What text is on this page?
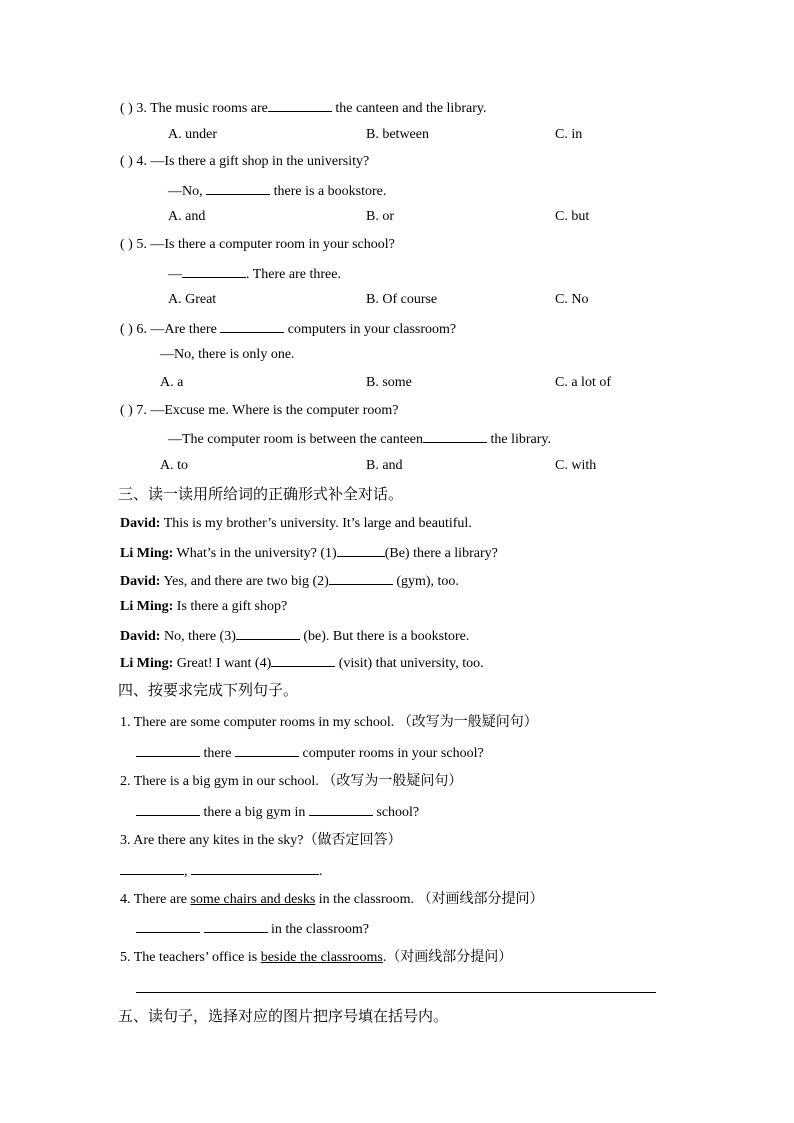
( ) 3. The music rooms are	the canteen and the library.
A. under	B. between	C. in
( ) 4. —Is there a gift shop in the university?
—No,	there is a bookstore.
A. and	B. or	C. but
( ) 5. —Is there a computer room in your school?
—	. There are three.
A. Great	B. Of course	C. No
( ) 6. —Are there	computers in your classroom?
—No, there is only one.
A. a	B. some	C. a lot of
( ) 7. —Excuse me. Where is the computer room?
—The computer room is between the canteen	the library.
A. to	B. and	C. with
三、读一读用所给词的正确形式补全对话。
David: This is my brother’s university. It’s large and beautiful.
Li Ming: What’s in the university? (1)	(Be) there a library?
David: Yes, and there are two big (2)	(gym), too.
Li Ming: Is there a gift shop?
David: No, there (3)	(be). But there is a bookstore.
Li Ming: Great! I want (4)	(visit) that university, too.
四、按要求完成下列句子。
1. There are some computer rooms in my school. （改写为一般疑问句）
there	computer rooms in your school?
2. There is a big gym in our school. （改写为一般疑问句）
there a big gym in	school?
3. Are there any kites in the sky?（做否定回答）
,	.
4. There are some chairs and desks in the classroom. （对画线部分提问）
in the classroom?
5. The teachers’ office is beside the classrooms.（对画线部分提问）
五、读句子，选择对应的图片把序号填在括号内。
